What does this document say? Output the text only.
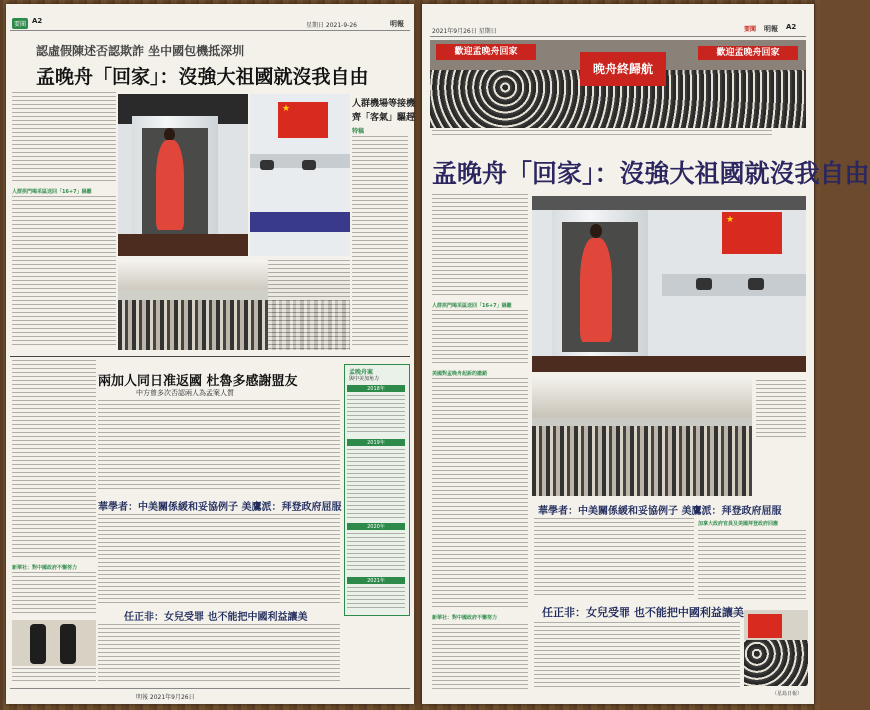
要聞 A2
星期日 2021-9-26	明報
認虛假陳述否認欺詐 坐中國包機抵深圳
孟晚舟「回家」：沒強大祖國就沒我自由
★	人群機場等接機
齊「客氣」驅趕
特稿
人群拱門喝采區送回「16+7」隔離
兩加人同日准返國 杜魯多感謝盟友
中方曾多次否認兩人為孟案人質
孟晚舟案
與中美加角力
2018年
2019年
2020年
2021年
華學者：中美關係緩和妥協例子 美鷹派：拜登政府屈服
新華社：對中國政府不懈努力
任正非：女兒受罪 也不能把中國利益讓美
明報 2021年9月26日
2021年9月26日 星期日	要聞 明報 A2
歡迎孟晚舟回家
晚舟終歸航
歡迎孟晚舟回家
孟晚舟「回家」：沒強大祖國就沒我自由
★
人群拱門喝采區送回「16+7」隔離
美國對孟晚舟起訴的撤銷
華學者：中美關係緩和妥協例子 美鷹派：拜登政府屈服
加拿大政府官員及美國拜登政府回應
任正非：女兒受罪 也不能把中國利益讓美
新華社：對中國政府不懈努力
（星島日報）
